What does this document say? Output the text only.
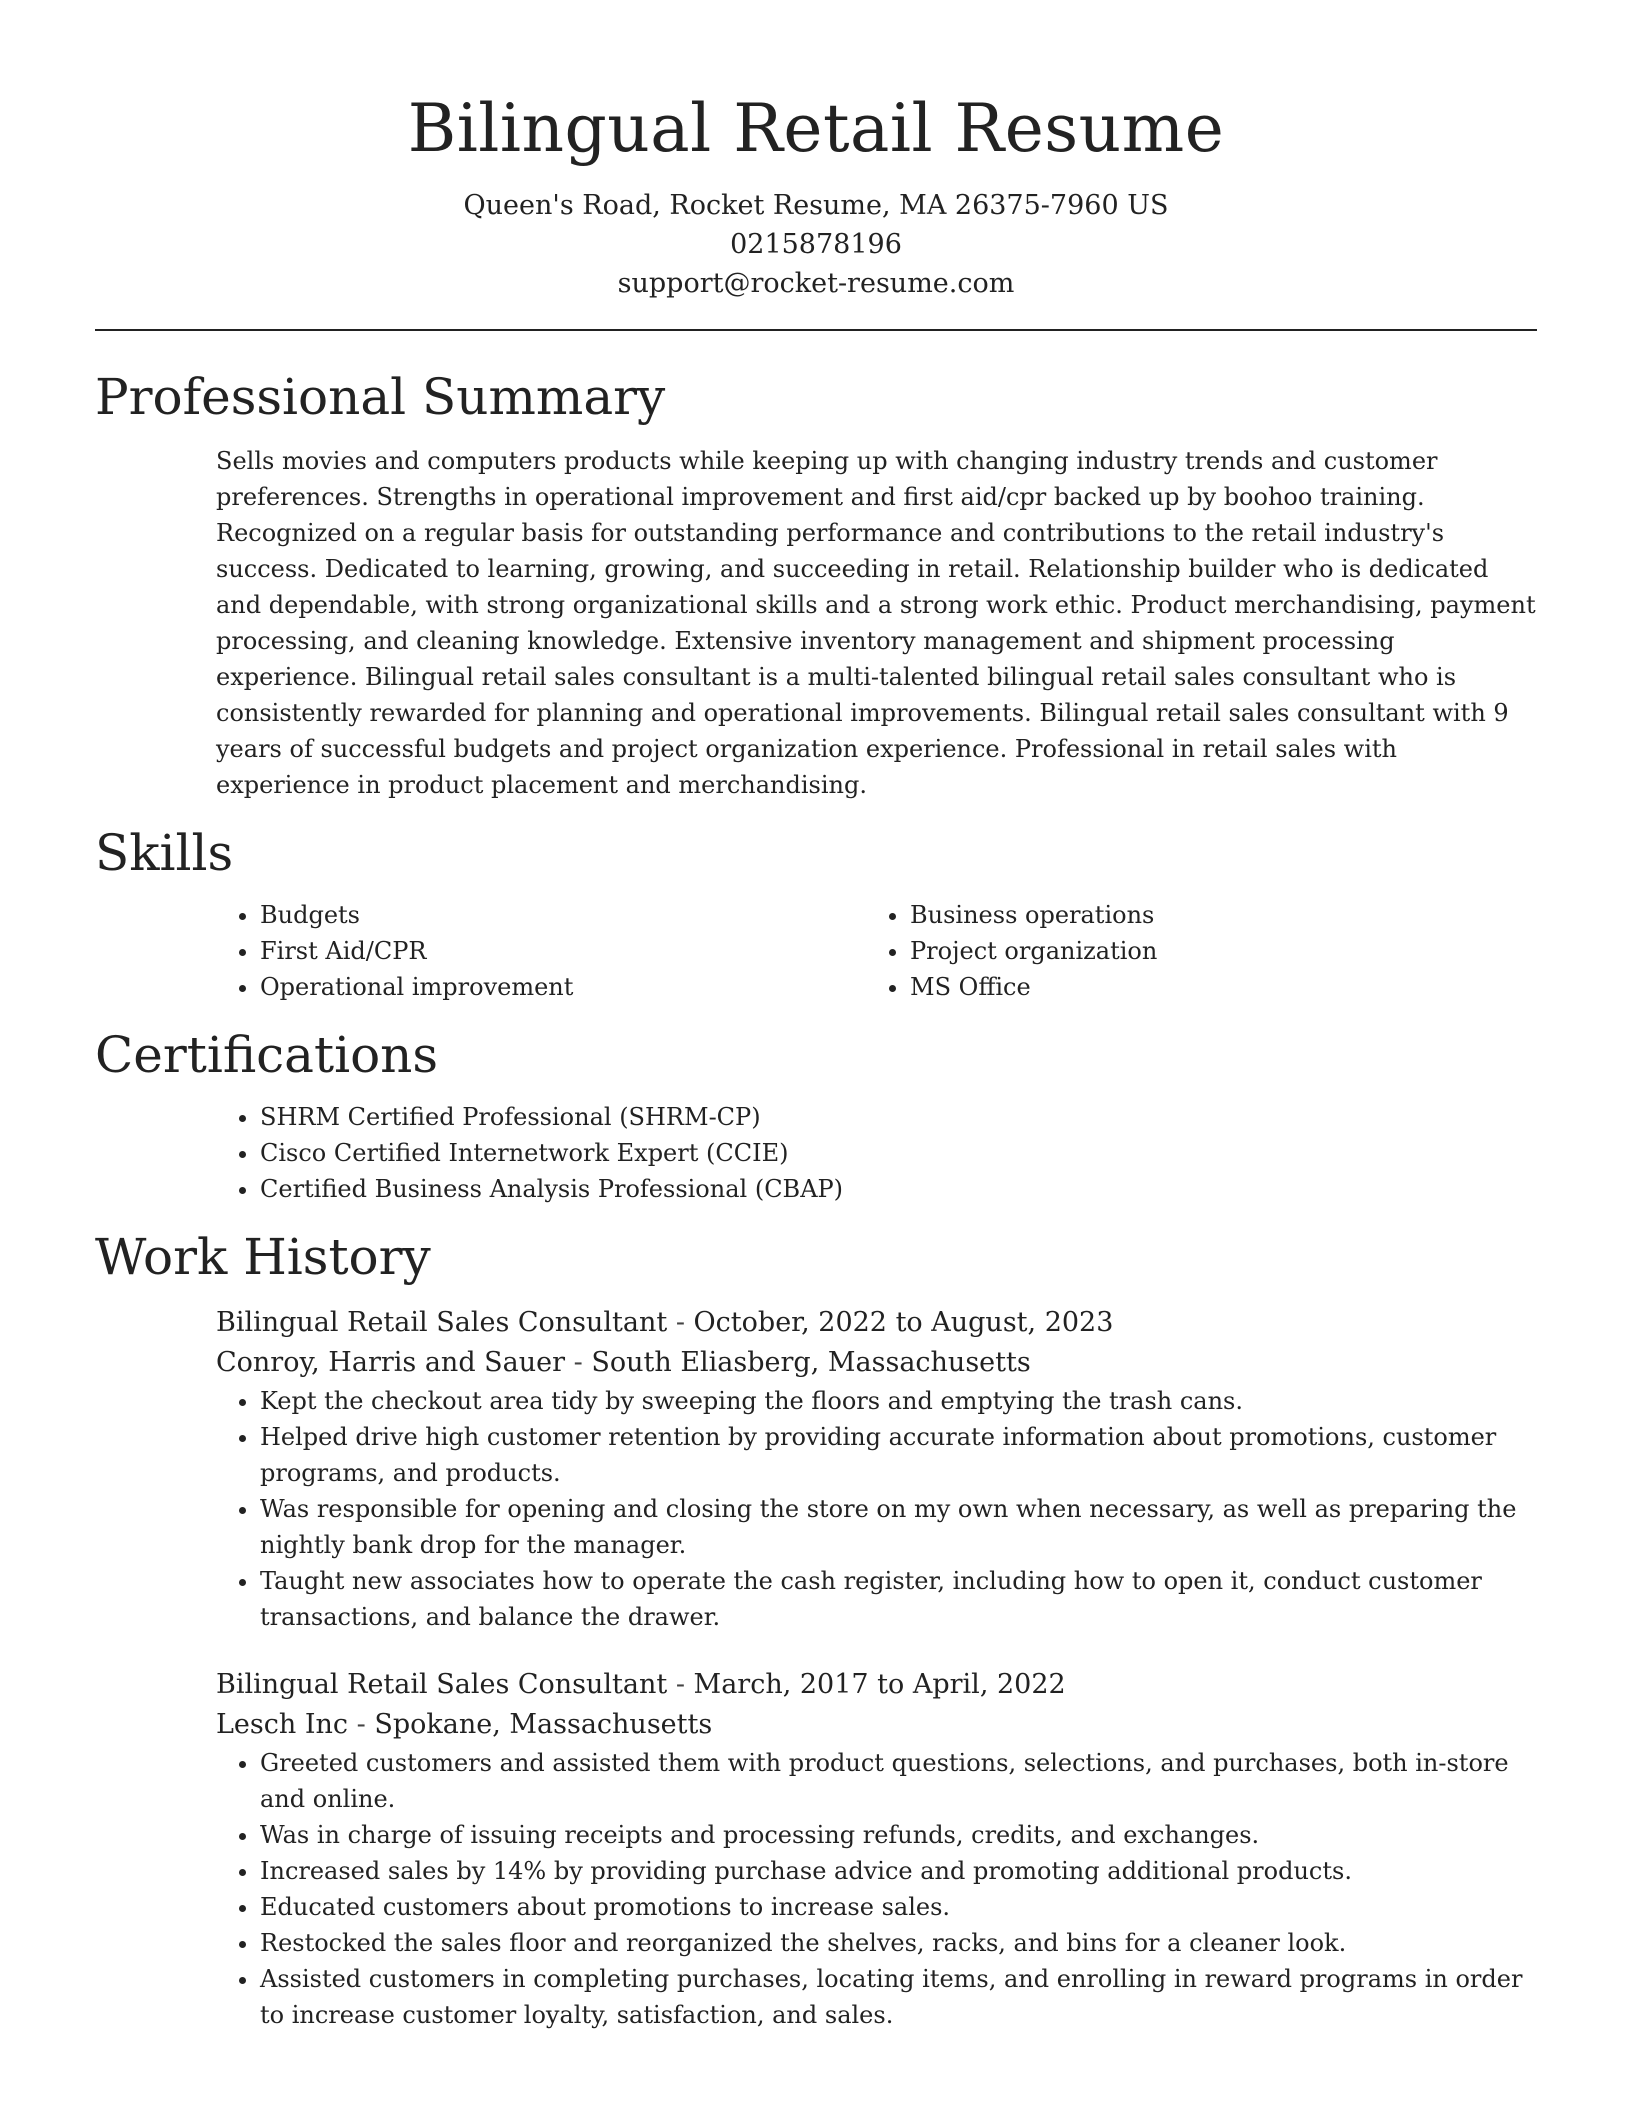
Bilingual Retail Resume
Queen's Road, Rocket Resume, MA 26375-7960 US
0215878196
support@rocket-resume.com
Professional Summary

Sells movies and computers products while keeping up with changing industry trends and customer preferences. Strengths in operational improvement and first aid/cpr backed up by boohoo training. Recognized on a regular basis for outstanding performance and contributions to the retail industry's success. Dedicated to learning, growing, and succeeding in retail. Relationship builder who is dedicated and dependable, with strong organizational skills and a strong work ethic. Product merchandising, payment processing, and cleaning knowledge. Extensive inventory management and shipment processing experience. Bilingual retail sales consultant is a multi-talented bilingual retail sales consultant who is consistently rewarded for planning and operational improvements. Bilingual retail sales consultant with 9 years of successful budgets and project organization experience. Professional in retail sales with experience in product placement and merchandising.

Skills
• Budgets
• First Aid/CPR
• Operational improvement
• Business operations
• Project organization
• MS Office
Certifications
• SHRM Certified Professional (SHRM-CP)
• Cisco Certified Internetwork Expert (CCIE)
• Certified Business Analysis Professional (CBAP)
Work History
Bilingual Retail Sales Consultant - October, 2022 to August, 2023
Conroy, Harris and Sauer - South Eliasberg, Massachusetts
• Kept the checkout area tidy by sweeping the floors and emptying the trash cans.
• Helped drive high customer retention by providing accurate information about promotions, customer programs, and products.
• Was responsible for opening and closing the store on my own when necessary, as well as preparing the nightly bank drop for the manager.
• Taught new associates how to operate the cash register, including how to open it, conduct customer transactions, and balance the drawer.
Bilingual Retail Sales Consultant - March, 2017 to April, 2022
Lesch Inc - Spokane, Massachusetts
• Greeted customers and assisted them with product questions, selections, and purchases, both in-store and online.
• Was in charge of issuing receipts and processing refunds, credits, and exchanges.
• Increased sales by 14% by providing purchase advice and promoting additional products.
• Educated customers about promotions to increase sales.
• Restocked the sales floor and reorganized the shelves, racks, and bins for a cleaner look.
• Assisted customers in completing purchases, locating items, and enrolling in reward programs in order to increase customer loyalty, satisfaction, and sales.
